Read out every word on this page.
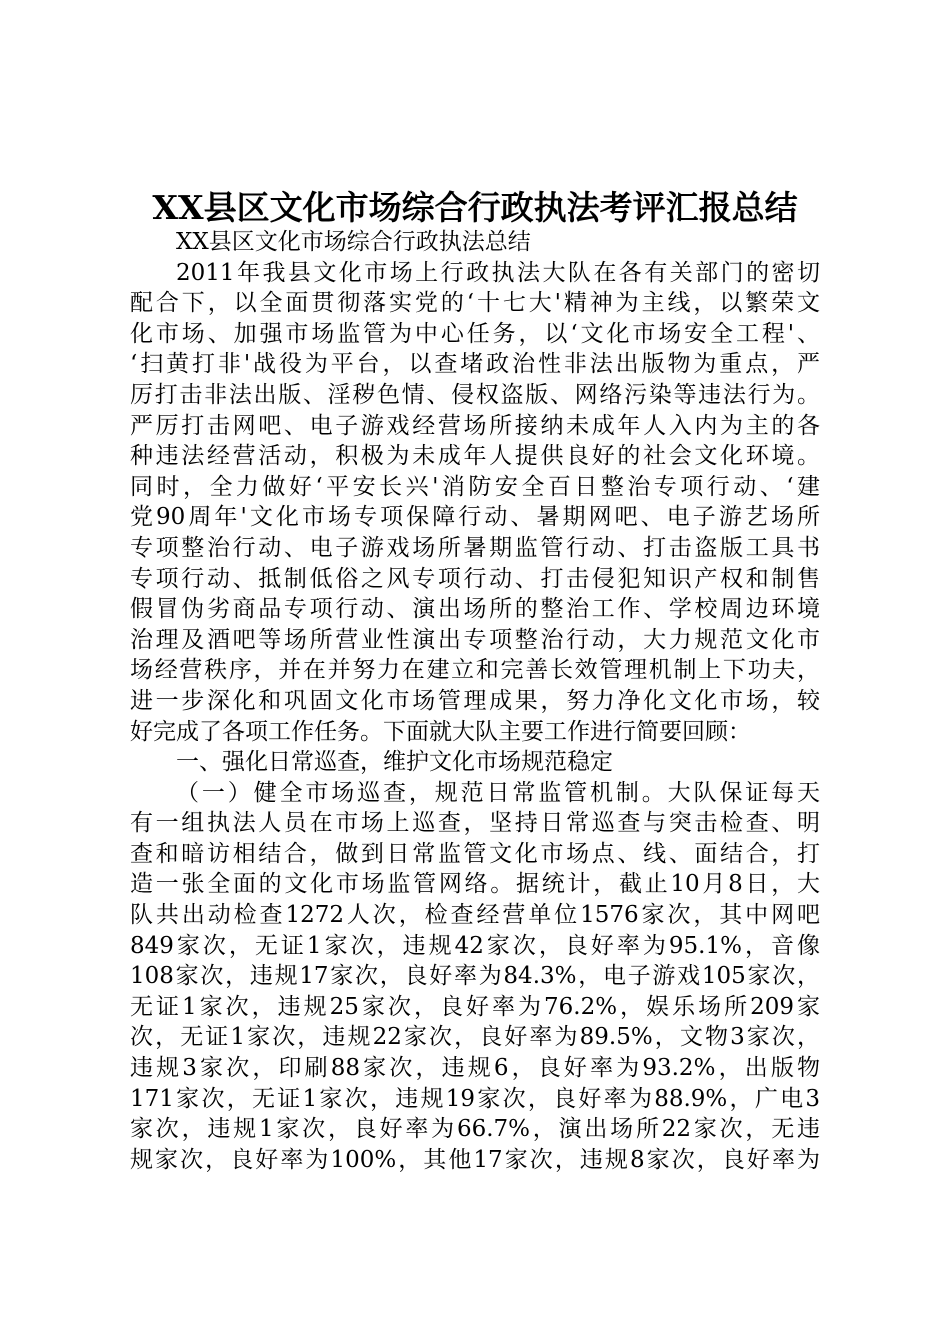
XX县区文化市场综合行政执法考评汇报总结
XX县区文化市场综合行政执法总结
2011年我县文化市场上行政执法大队在各有关部门的密切
配合下，以全面贯彻落实党的‘十七大'精神为主线，以繁荣文
化市场、加强市场监管为中心任务，以‘文化市场安全工程'、
‘扫黄打非'战役为平台，以查堵政治性非法出版物为重点，严
厉打击非法出版、淫秽色情、侵权盗版、网络污染等违法行为。
严厉打击网吧、电子游戏经营场所接纳未成年人入内为主的各
种违法经营活动，积极为未成年人提供良好的社会文化环境。
同时，全力做好‘平安长兴'消防安全百日整治专项行动、‘建
党90周年'文化市场专项保障行动、暑期网吧、电子游艺场所
专项整治行动、电子游戏场所暑期监管行动、打击盗版工具书
专项行动、抵制低俗之风专项行动、打击侵犯知识产权和制售
假冒伪劣商品专项行动、演出场所的整治工作、学校周边环境
治理及酒吧等场所营业性演出专项整治行动，大力规范文化市
场经营秩序，并在并努力在建立和完善长效管理机制上下功夫，
进一步深化和巩固文化市场管理成果，努力净化文化市场，较
好完成了各项工作任务。下面就大队主要工作进行简要回顾：
一、强化日常巡查，维护文化市场规范稳定
（一）健全市场巡查，规范日常监管机制。大队保证每天
有一组执法人员在市场上巡查，坚持日常巡查与突击检查、明
查和暗访相结合，做到日常监管文化市场点、线、面结合，打
造一张全面的文化市场监管网络。据统计，截止10月8日，大
队共出动检查1272人次，检查经营单位1576家次，其中网吧
849家次，无证1家次，违规42家次，良好率为95.1%，音像
108家次，违规17家次，良好率为84.3%，电子游戏105家次，
无证1家次，违规25家次，良好率为76.2%，娱乐场所209家
次，无证1家次，违规22家次，良好率为89.5%，文物3家次，
违规3家次，印刷88家次，违规6，良好率为93.2%，出版物
171家次，无证1家次，违规19家次，良好率为88.9%，广电3
家次，违规1家次，良好率为66.7%，演出场所22家次，无违
规家次，良好率为100%，其他17家次，违规8家次，良好率为
